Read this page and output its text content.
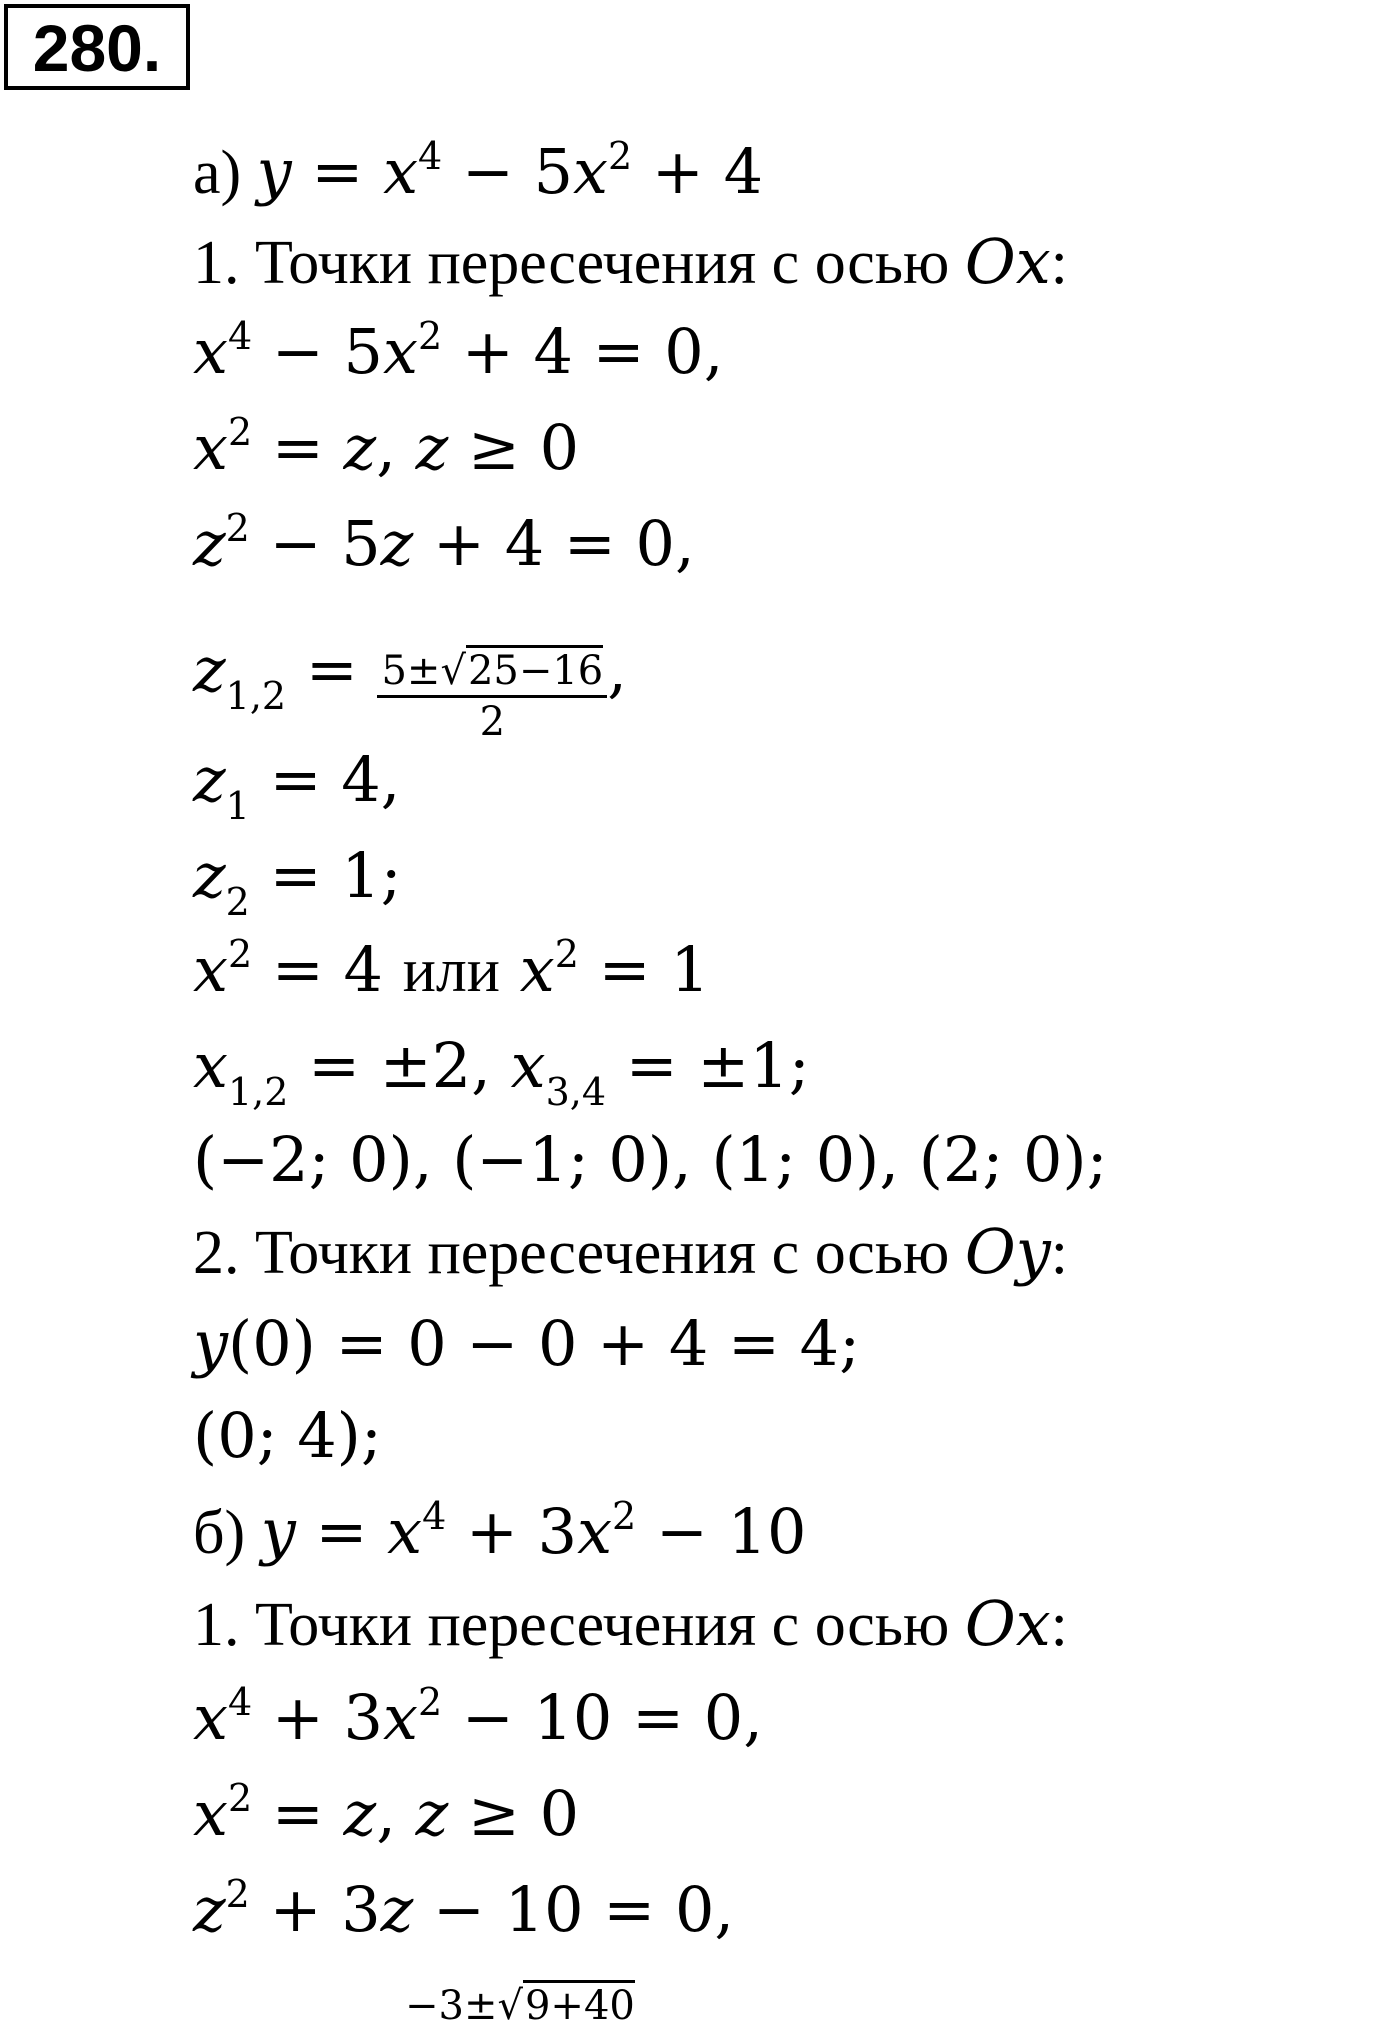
280.
а) $y = x^4 - 5x^2 + 4$
1. Точки пересечения с осью Ox:
$x^4 - 5x^2 + 4 = 0$,
$x^2 = z$, z ≥ 0
$z^2 - 5z + 4 = 0$,
$z_{1,2} = \frac{5\pm√25-16}{2}$ ,
$z_1 = 4$,
$z_2 = 1$;
$x^2 = 4$ или $x^2 = 1$
$x_{1,2} = \pm 2$, $x_{3,4} = \pm 1$;
(−2; 0), (−1; 0), (1; 0), (2; 0);
2. Точки пересечения с осью Oy:
y(0) = 0 − 0 + 4 = 4;
(0; 4);
б) $y = x^4 + 3x^2 - 10$
1. Точки пересечения с осью Ox:
$x^4 + 3x^2 - 10 = 0$,
$x^2 = z$, z ≥ 0
$z^2 + 3z - 10 = 0$,
−3±√9+40
